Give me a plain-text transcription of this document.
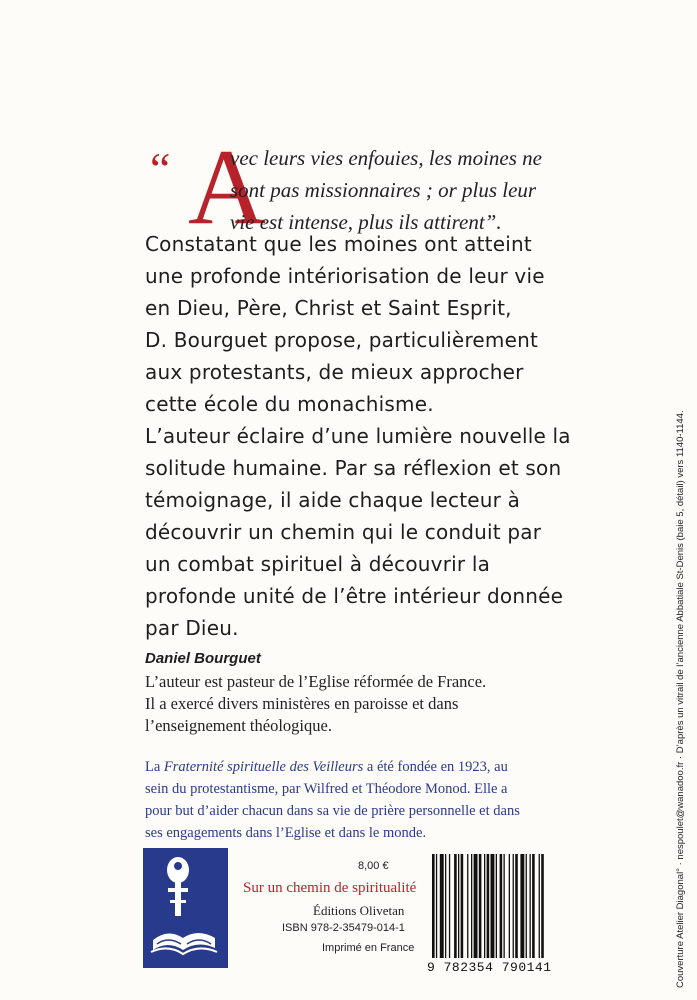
“ A
vec leurs vies enfouies, les moines ne
sont pas missionnaires ; or plus leur
vie est intense, plus ils attirent”.
Constatant que les moines ont atteint
une profonde intériorisation de leur vie
en Dieu, Père, Christ et Saint Esprit,
D. Bourguet propose, particulièrement
aux protestants, de mieux approcher
cette école du monachisme.
L’auteur éclaire d’une lumière nouvelle la
solitude humaine. Par sa réflexion et son
témoignage, il aide chaque lecteur à
découvrir un chemin qui le conduit par
un combat spirituel à découvrir la
profonde unité de l’être intérieur donnée
par Dieu.
Daniel Bourguet
L’auteur est pasteur de l’Eglise réformée de France.
Il a exercé divers ministères en paroisse et dans
l’enseignement théologique.
La Fraternité spirituelle des Veilleurs a été fondée en 1923, au
sein du protestantisme, par Wilfred et Théodore Monod. Elle a
pour but d’aider chacun dans sa vie de prière personnelle et dans
ses engagements dans l’Eglise et dans le monde.
8,00 €
Sur un chemin de spiritualité
Éditions Olivetan
ISBN 978-2-35479-014-1
Imprimé en France
9 782354 790141	Couverture Atelier Diagonal° · nespoulet@wanadoo.fr · D’après un vitrail de l’ancienne Abbatiale St-Denis (baie 5, détail) vers 1140-1144.
